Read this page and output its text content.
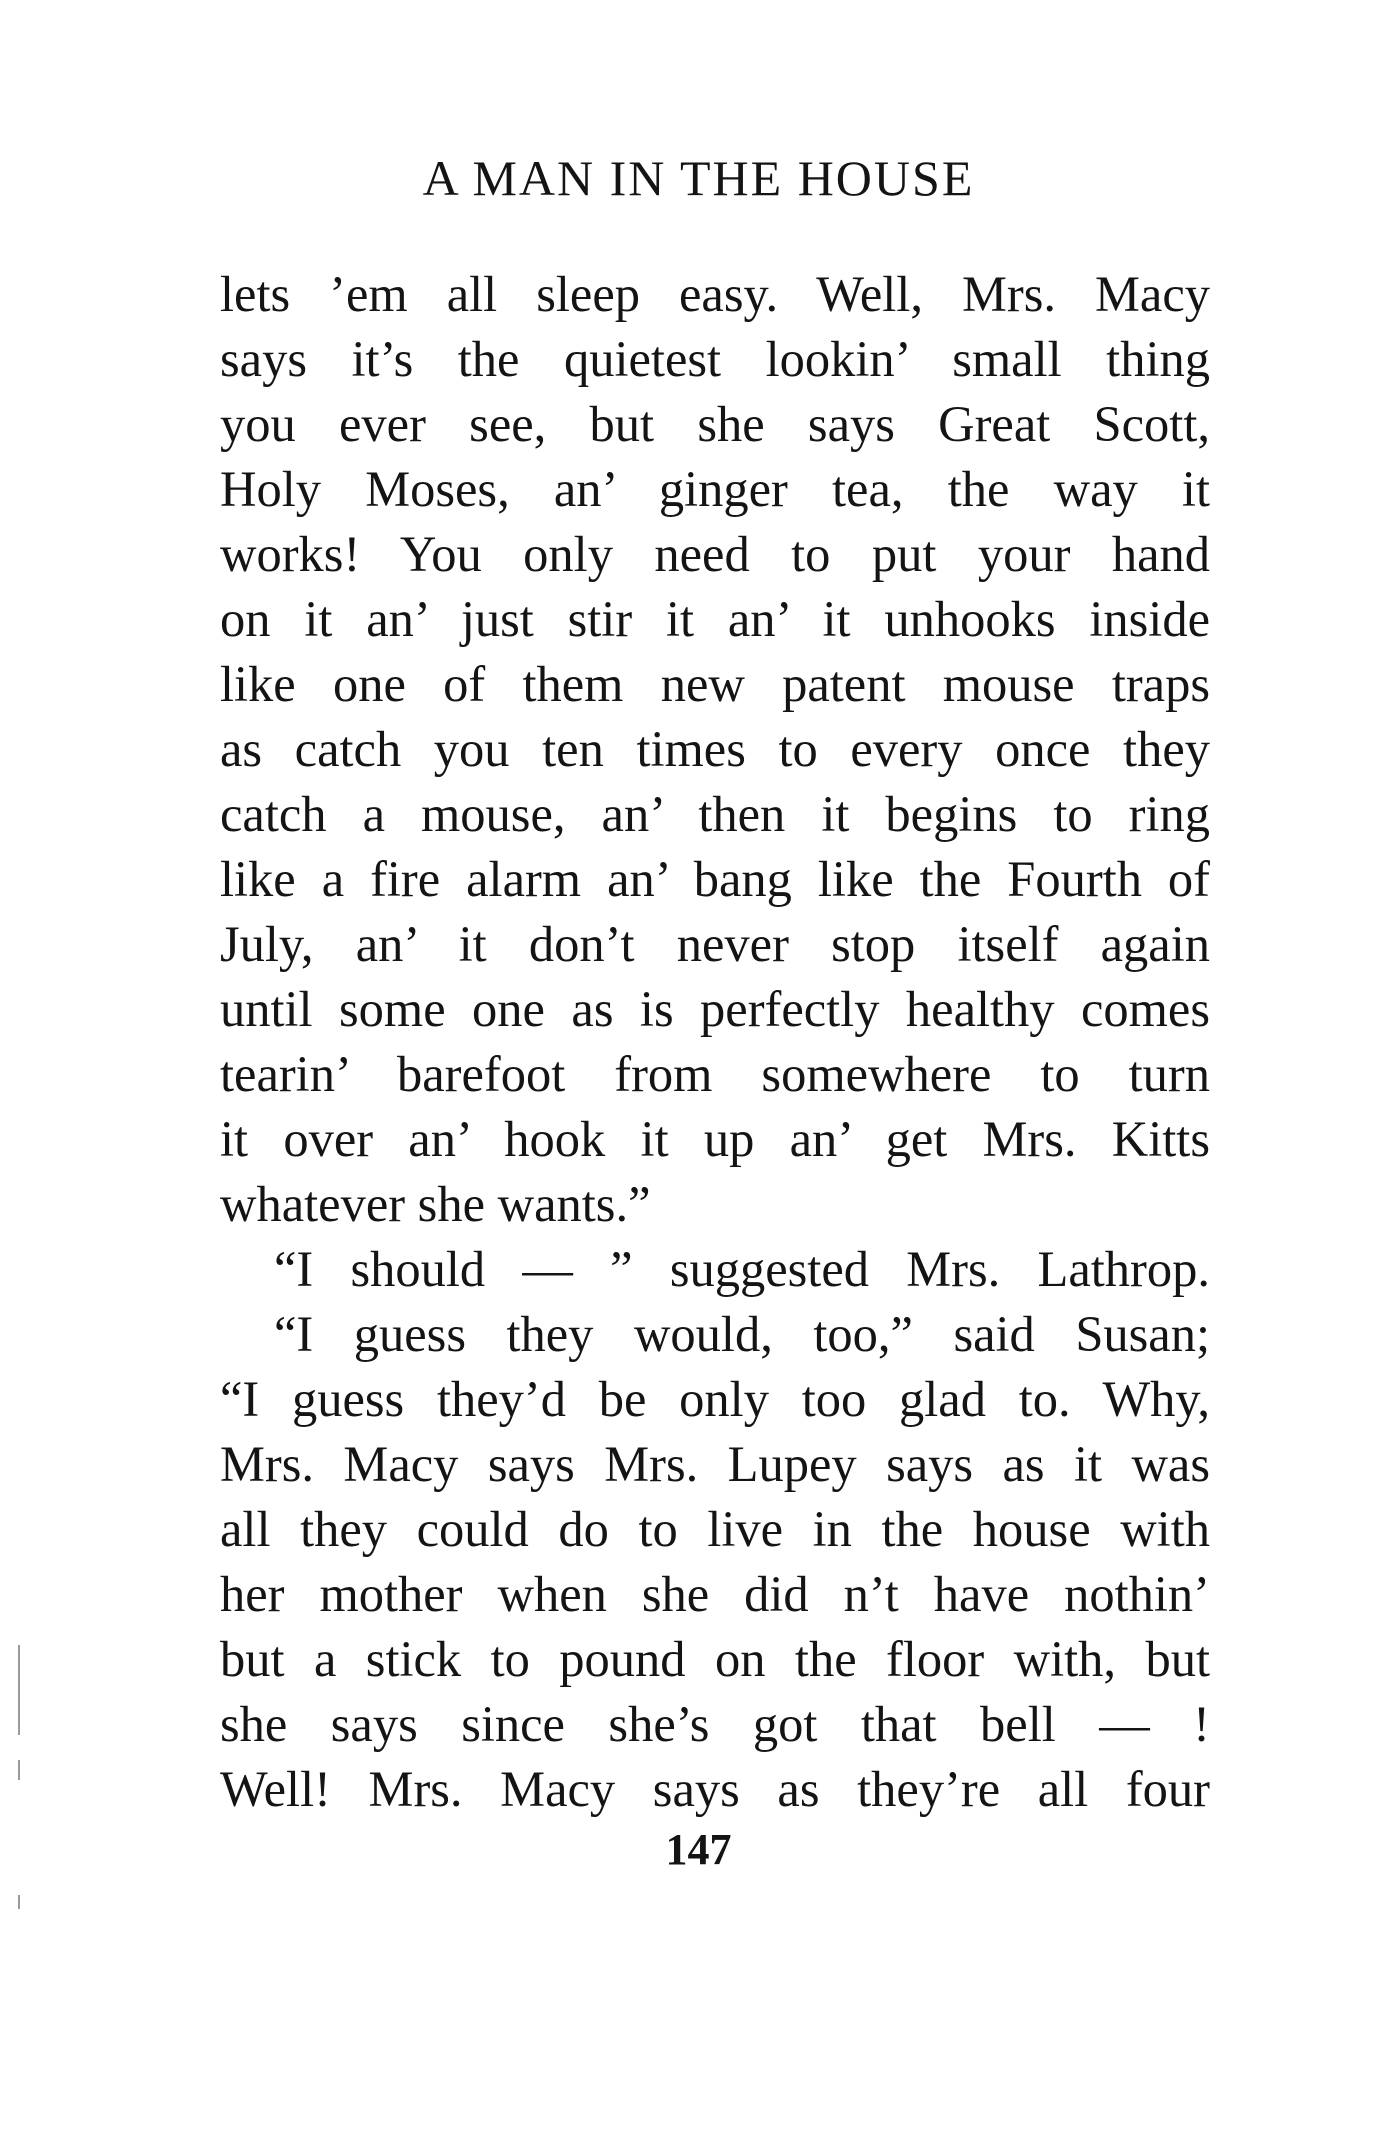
A MAN IN THE HOUSE
lets ’em all sleep easy. Well, Mrs. Macy
says it’s the quietest lookin’ small thing
you ever see, but she says Great Scott,
Holy Moses, an’ ginger tea, the way it
works! You only need to put your hand
on it an’ just stir it an’ it unhooks inside
like one of them new patent mouse traps
as catch you ten times to every once they
catch a mouse, an’ then it begins to ring
like a fire alarm an’ bang like the Fourth of
July, an’ it don’t never stop itself again
until some one as is perfectly healthy comes
tearin’ barefoot from somewhere to turn
it over an’ hook it up an’ get Mrs. Kitts
whatever she wants.”
“I should — ” suggested Mrs. Lathrop.
“I guess they would, too,” said Susan;
“I guess they’d be only too glad to. Why,
Mrs. Macy says Mrs. Lupey says as it was
all they could do to live in the house with
her mother when she did n’t have nothin’
but a stick to pound on the floor with, but
she says since she’s got that bell — !
Well! Mrs. Macy says as they’re all four
147
